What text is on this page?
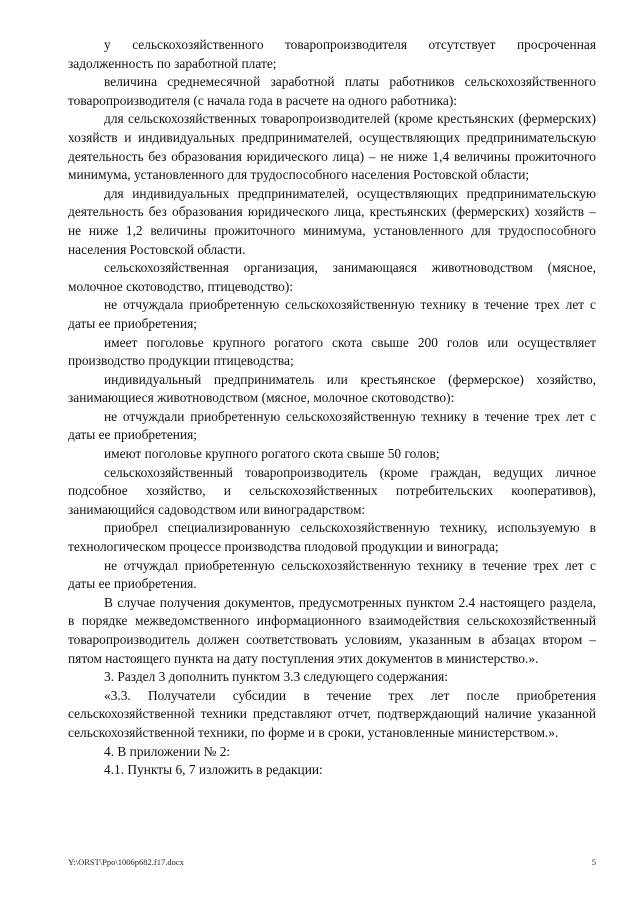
у сельскохозяйственного товаропроизводителя отсутствует просроченная задолженность по заработной плате;

величина среднемесячной заработной платы работников сельскохозяйственного товаропроизводителя (с начала года в расчете на одного работника):

для сельскохозяйственных товаропроизводителей (кроме крестьянских (фермерских) хозяйств и индивидуальных предпринимателей, осуществляющих предпринимательскую деятельность без образования юридического лица) – не ниже 1,4 величины прожиточного минимума, установленного для трудоспособного населения Ростовской области;

для индивидуальных предпринимателей, осуществляющих предпринимательскую деятельность без образования юридического лица, крестьянских (фермерских) хозяйств – не ниже 1,2 величины прожиточного минимума, установленного для трудоспособного населения Ростовской области.

сельскохозяйственная организация, занимающаяся животноводством (мясное, молочное скотоводство, птицеводство):

не отчуждала приобретенную сельскохозяйственную технику в течение трех лет с даты ее приобретения;

имеет поголовье крупного рогатого скота свыше 200 голов или осуществляет производство продукции птицеводства;

индивидуальный предприниматель или крестьянское (фермерское) хозяйство, занимающиеся животноводством (мясное, молочное скотоводство):

не отчуждали приобретенную сельскохозяйственную технику в течение трех лет с даты ее приобретения;

имеют поголовье крупного рогатого скота свыше 50 голов;

сельскохозяйственный товаропроизводитель (кроме граждан, ведущих личное подсобное хозяйство, и сельскохозяйственных потребительских кооперативов), занимающийся садоводством или виноградарством:

приобрел специализированную сельскохозяйственную технику, используемую в технологическом процессе производства плодовой продукции и винограда;

не отчуждал приобретенную сельскохозяйственную технику в течение трех лет с даты ее приобретения.

В случае получения документов, предусмотренных пунктом 2.4 настоящего раздела, в порядке межведомственного информационного взаимодействия сельскохозяйственный товаропроизводитель должен соответствовать условиям, указанным в абзацах втором – пятом настоящего пункта на дату поступления этих документов в министерство.».

3. Раздел 3 дополнить пунктом 3.3 следующего содержания:

«3.3. Получатели субсидии в течение трех лет после приобретения сельскохозяйственной техники представляют отчет, подтверждающий наличие указанной сельскохозяйственной техники, по форме и в сроки, установленные министерством.».

4. В приложении № 2:

4.1. Пункты 6, 7 изложить в редакции:

Y:\ORST\Ppo\1006p682.f17.docx	5
